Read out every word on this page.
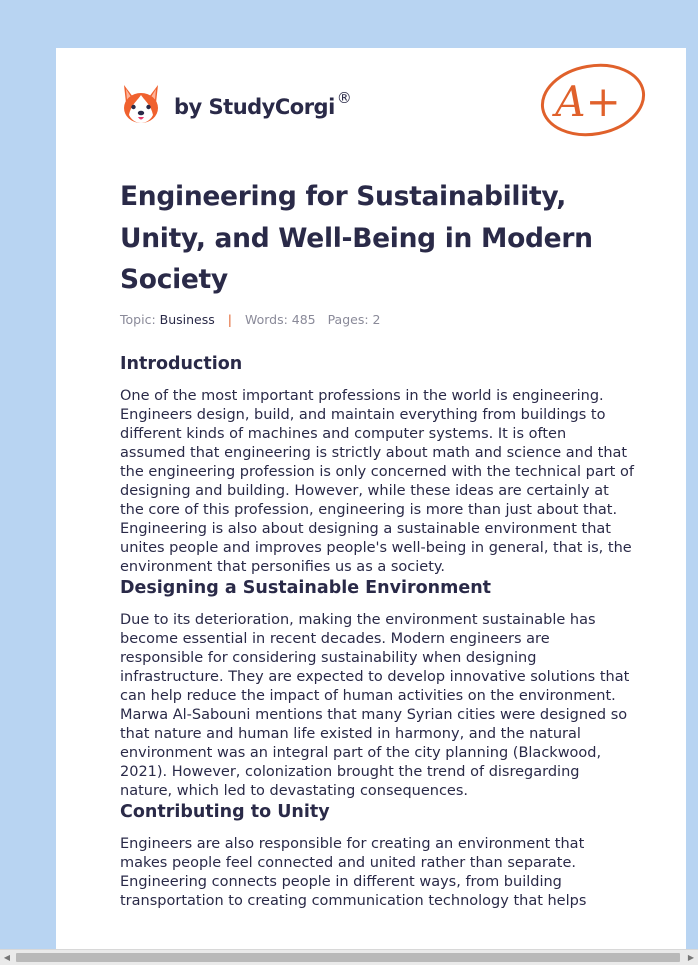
by StudyCorgi ®	A+
Engineering for Sustainability, Unity, and Well-Being in Modern Society
Topic: Business | Words: 485 Pages: 2
Introduction

One of the most important professions in the world is engineering. Engineers design, build, and maintain everything from buildings to different kinds of machines and computer systems. It is often assumed that engineering is strictly about math and science and that the engineering profession is only concerned with the technical part of designing and building. However, while these ideas are certainly at the core of this profession, engineering is more than just about that. Engineering is also about designing a sustainable environment that unites people and improves people's well-being in general, that is, the environment that personifies us as a society.

Designing a Sustainable Environment

Due to its deterioration, making the environment sustainable has become essential in recent decades. Modern engineers are responsible for considering sustainability when designing infrastructure. They are expected to develop innovative solutions that can help reduce the impact of human activities on the environment. Marwa Al-Sabouni mentions that many Syrian cities were designed so that nature and human life existed in harmony, and the natural environment was an integral part of the city planning (Blackwood, 2021). However, colonization brought the trend of disregarding nature, which led to devastating consequences.

Contributing to Unity

Engineers are also responsible for creating an environment that makes people feel connected and united rather than separate. Engineering connects people in different ways, from building transportation to creating communication technology that helps

◀	▶
